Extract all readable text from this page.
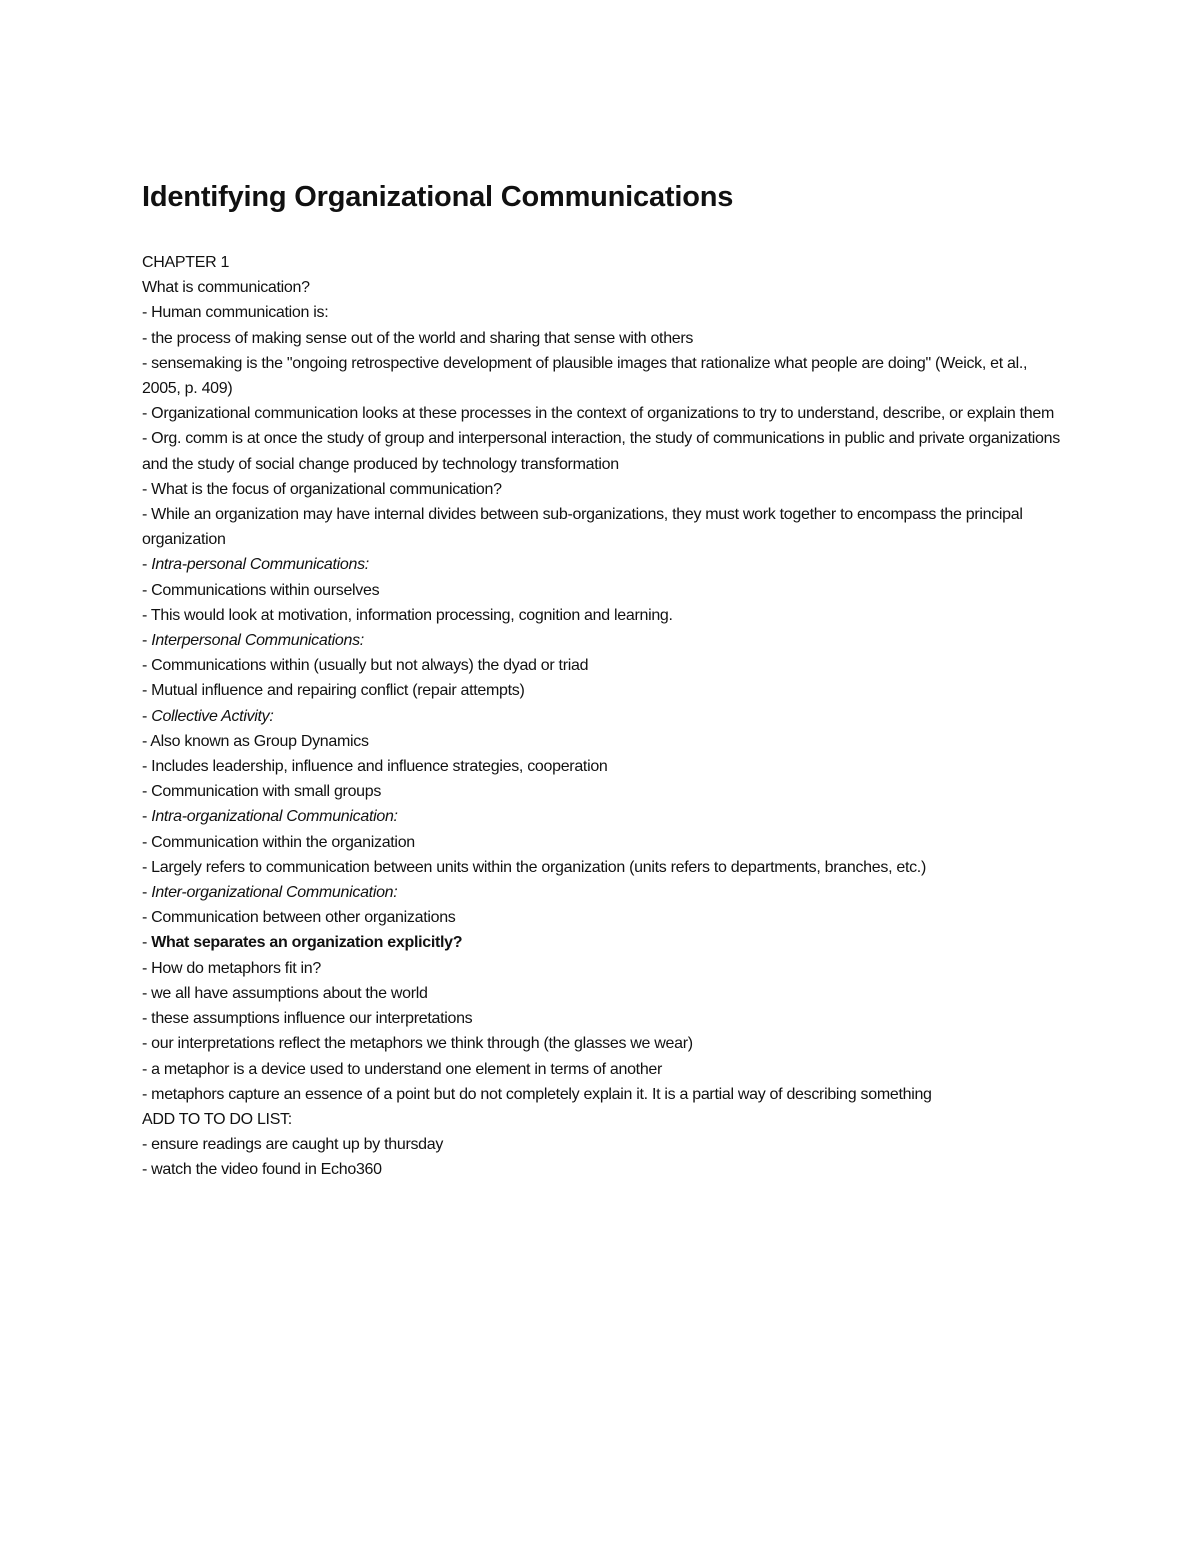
Identifying Organizational Communications
CHAPTER 1
What is communication?
- Human communication is:
- the process of making sense out of the world and sharing that sense with others
- sensemaking is the "ongoing retrospective development of plausible images that rationalize what people are doing" (Weick, et al., 2005, p. 409)
- Organizational communication looks at these processes in the context of organizations to try to understand, describe, or explain them
- Org. comm is at once the study of group and interpersonal interaction, the study of communications in public and private organizations and the study of social change produced by technology transformation
- What is the focus of organizational communication?
- While an organization may have internal divides between sub-organizations, they must work together to encompass the principal organization
- Intra-personal Communications:
- Communications within ourselves
- This would look at motivation, information processing, cognition and learning.
- Interpersonal Communications:
- Communications within (usually but not always) the dyad or triad
- Mutual influence and repairing conflict (repair attempts)
- Collective Activity:
- Also known as Group Dynamics
- Includes leadership, influence and influence strategies, cooperation
- Communication with small groups
- Intra-organizational Communication:
- Communication within the organization
- Largely refers to communication between units within the organization (units refers to departments, branches, etc.)
- Inter-organizational Communication:
- Communication between other organizations
- What separates an organization explicitly?
- How do metaphors fit in?
- we all have assumptions about the world
- these assumptions influence our interpretations
- our interpretations reflect the metaphors we think through (the glasses we wear)
- a metaphor is a device used to understand one element in terms of another
- metaphors capture an essence of a point but do not completely explain it. It is a partial way of describing something
ADD TO TO DO LIST:
- ensure readings are caught up by thursday
- watch the video found in Echo360
